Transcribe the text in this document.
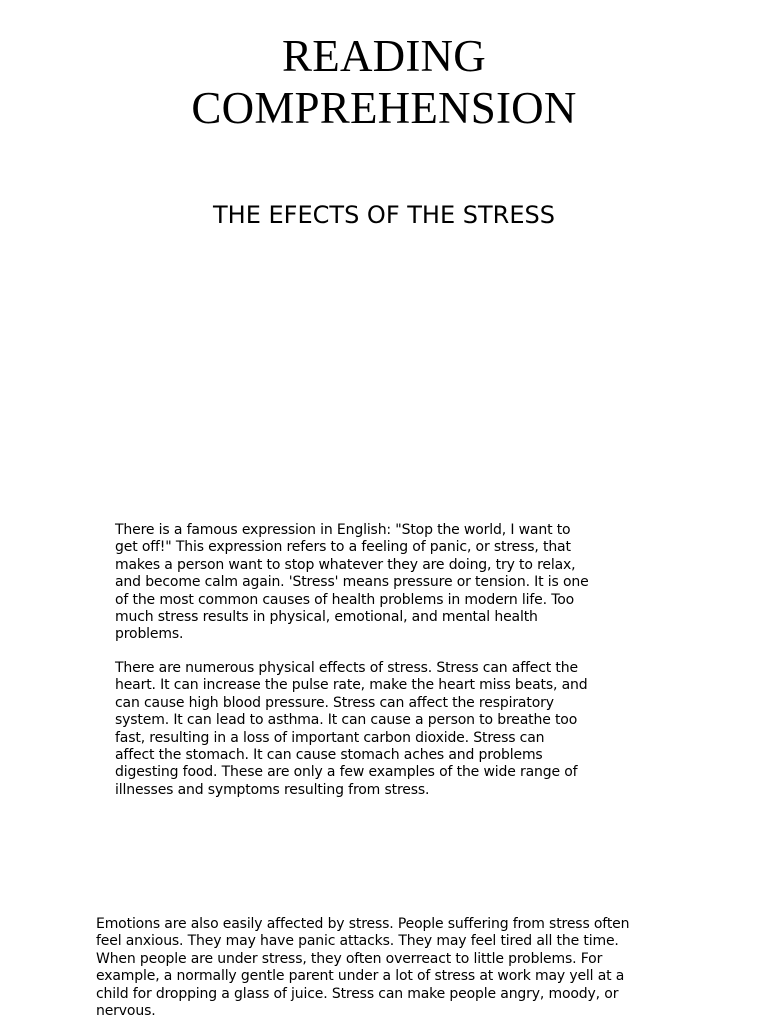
READING
COMPREHENSION
THE EFECTS OF THE STRESS
There is a famous expression in English: "Stop the world, I want to
get off!" This expression refers to a feeling of panic, or stress, that
makes a person want to stop whatever they are doing, try to relax,
and become calm again. 'Stress' means pressure or tension. It is one
of the most common causes of health problems in modern life. Too
much stress results in physical, emotional, and mental health
problems.
There are numerous physical effects of stress. Stress can affect the
heart. It can increase the pulse rate, make the heart miss beats, and
can cause high blood pressure. Stress can affect the respiratory
system. It can lead to asthma. It can cause a person to breathe too
fast, resulting in a loss of important carbon dioxide. Stress can
affect the stomach. It can cause stomach aches and problems
digesting food. These are only a few examples of the wide range of
illnesses and symptoms resulting from stress.
Emotions are also easily affected by stress. People suffering from stress often
feel anxious. They may have panic attacks. They may feel tired all the time.
When people are under stress, they often overreact to little problems. For
example, a normally gentle parent under a lot of stress at work may yell at a
child for dropping a glass of juice. Stress can make people angry, moody, or
nervous.
